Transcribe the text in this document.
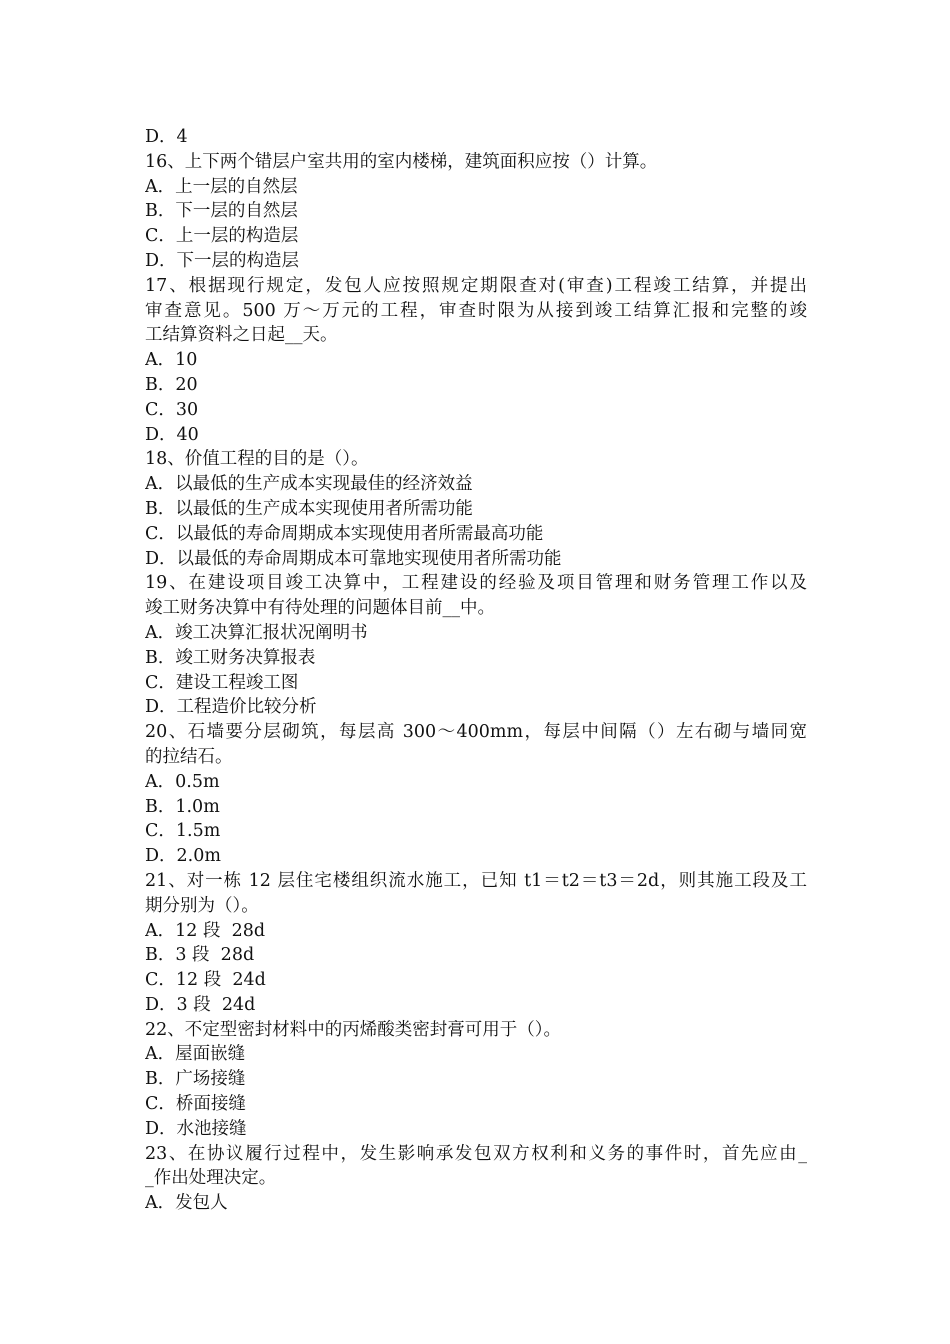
D．4
16、上下两个错层户室共用的室内楼梯，建筑面积应按（）计算。
A．上一层的自然层
B．下一层的自然层
C．上一层的构造层
D．下一层的构造层
17、根据现行规定，发包人应按照规定期限查对(审查)工程竣工结算，并提出
审查意见。500 万～万元的工程，审查时限为从接到竣工结算汇报和完整的竣
工结算资料之日起__天。
A．10
B．20
C．30
D．40
18、价值工程的目的是（）。
A．以最低的生产成本实现最佳的经济效益
B．以最低的生产成本实现使用者所需功能
C．以最低的寿命周期成本实现使用者所需最高功能
D．以最低的寿命周期成本可靠地实现使用者所需功能
19、在建设项目竣工决算中，工程建设的经验及项目管理和财务管理工作以及
竣工财务决算中有待处理的问题体目前__中。
A．竣工决算汇报状况阐明书
B．竣工财务决算报表
C．建设工程竣工图
D．工程造价比较分析
20、石墙要分层砌筑，每层高 300～400mm，每层中间隔（）左右砌与墙同宽
的拉结石。
A．0.5m
B．1.0m
C．1.5m
D．2.0m
21、对一栋 12 层住宅楼组织流水施工，已知 t1＝t2＝t3＝2d，则其施工段及工
期分别为（）。
A．12 段  28d
B．3 段  28d
C．12 段  24d
D．3 段  24d
22、不定型密封材料中的丙烯酸类密封膏可用于（）。
A．屋面嵌缝
B．广场接缝
C．桥面接缝
D．水池接缝
23、在协议履行过程中，发生影响承发包双方权利和义务的事件时，首先应由_
_作出处理决定。
A．发包人
